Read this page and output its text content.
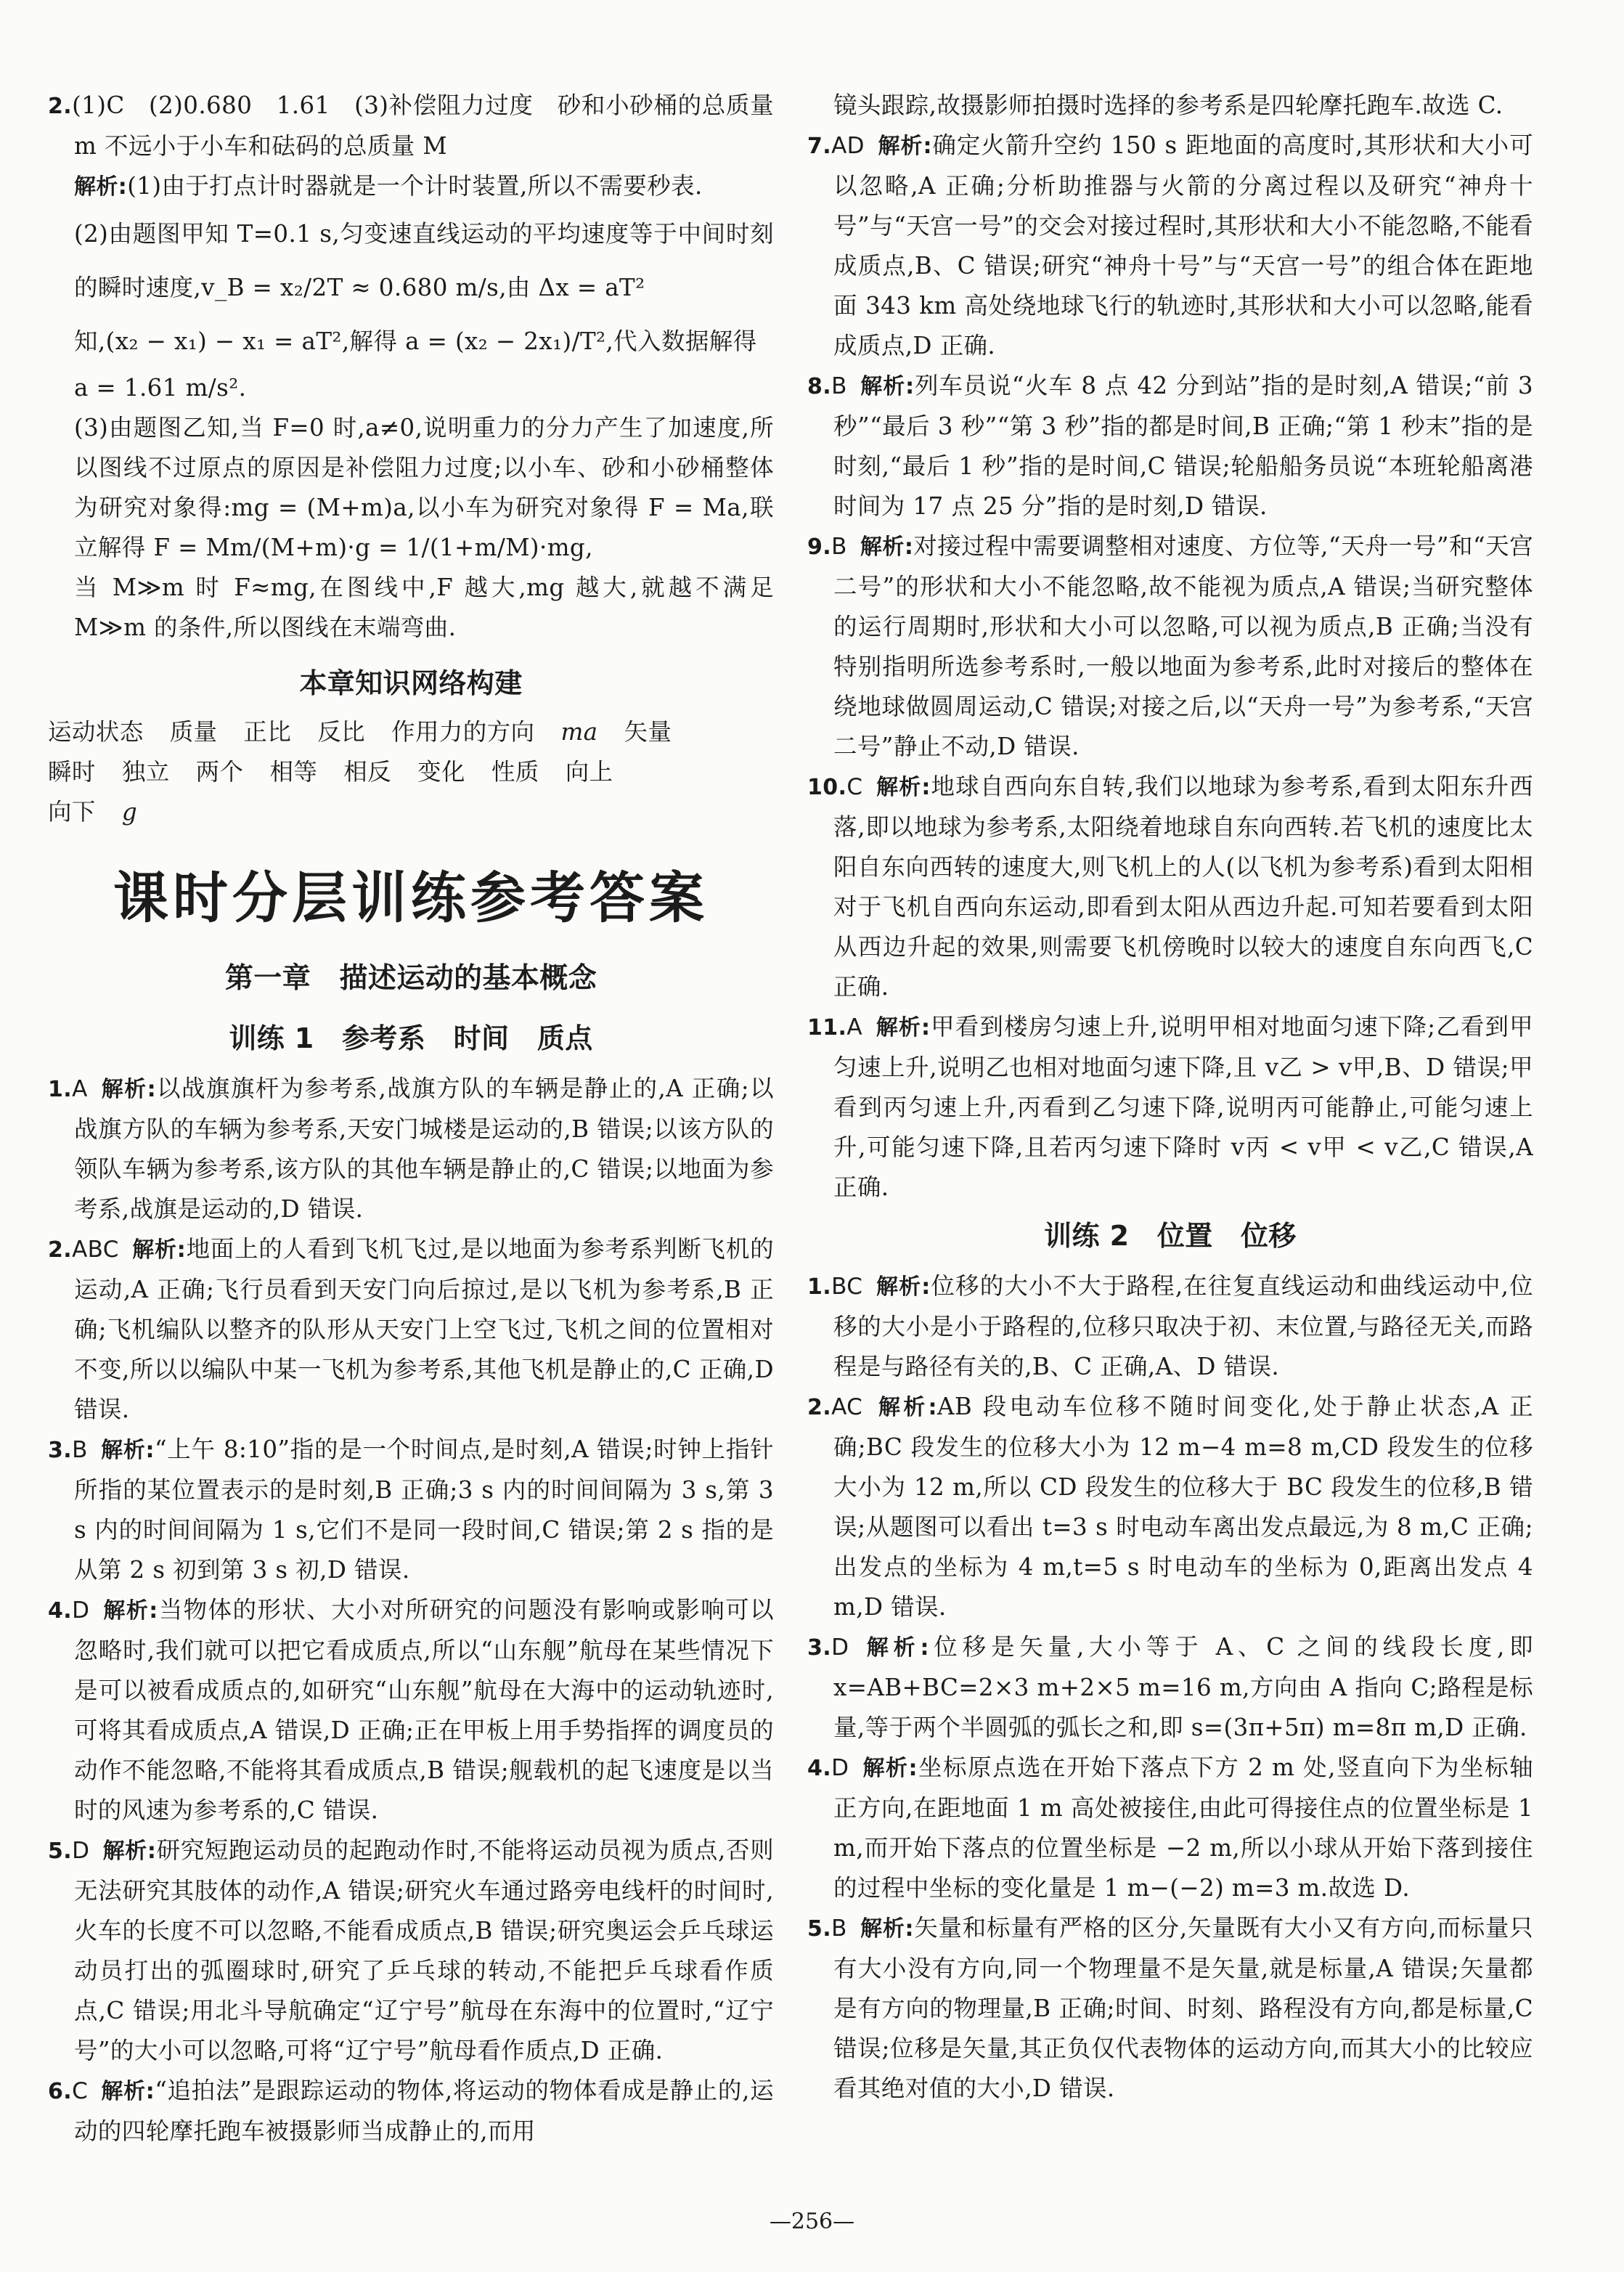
2.(1)C　(2)0.680　1.61　(3)补偿阻力过度　砂和小砂桶的总质量 m 不远小于小车和砝码的总质量 M

解析:(1)由于打点计时器就是一个计时装置,所以不需要秒表.

(2)由题图甲知 T=0.1 s,匀变速直线运动的平均速度等于中间时刻的瞬时速度,v_B = x₂/2T ≈ 0.680 m/s,由 Δx = aT²

知,(x₂ − x₁) − x₁ = aT²,解得 a = (x₂ − 2x₁)/T²,代入数据解得

a = 1.61 m/s².

(3)由题图乙知,当 F=0 时,a≠0,说明重力的分力产生了加速度,所以图线不过原点的原因是补偿阻力过度;以小车、砂和小砂桶整体为研究对象得:mg = (M+m)a,以小车为研究对象得 F = Ma,联立解得 F = Mm/(M+m)·g = 1/(1+m/M)·mg,

当 M≫m 时 F≈mg,在图线中,F 越大,mg 越大,就越不满足 M≫m 的条件,所以图线在末端弯曲.

本章知识网络构建

运动状态 质量 正比 反比 作用力的方向 ma 矢量

瞬时 独立 两个 相等 相反 变化 性质 向上

向下 g

课时分层训练参考答案
第一章　描述运动的基本概念
训练 1　参考系　时间　质点

1.A 解析:以战旗旗杆为参考系,战旗方队的车辆是静止的,A 正确;以战旗方队的车辆为参考系,天安门城楼是运动的,B 错误;以该方队的领队车辆为参考系,该方队的其他车辆是静止的,C 错误;以地面为参考系,战旗是运动的,D 错误.

2.ABC 解析:地面上的人看到飞机飞过,是以地面为参考系判断飞机的运动,A 正确;飞行员看到天安门向后掠过,是以飞机为参考系,B 正确;飞机编队以整齐的队形从天安门上空飞过,飞机之间的位置相对不变,所以以编队中某一飞机为参考系,其他飞机是静止的,C 正确,D 错误.

3.B 解析:“上午 8:10”指的是一个时间点,是时刻,A 错误;时钟上指针所指的某位置表示的是时刻,B 正确;3 s 内的时间间隔为 3 s,第 3 s 内的时间间隔为 1 s,它们不是同一段时间,C 错误;第 2 s 指的是从第 2 s 初到第 3 s 初,D 错误.

4.D 解析:当物体的形状、大小对所研究的问题没有影响或影响可以忽略时,我们就可以把它看成质点,所以“山东舰”航母在某些情况下是可以被看成质点的,如研究“山东舰”航母在大海中的运动轨迹时,可将其看成质点,A 错误,D 正确;正在甲板上用手势指挥的调度员的动作不能忽略,不能将其看成质点,B 错误;舰载机的起飞速度是以当时的风速为参考系的,C 错误.

5.D 解析:研究短跑运动员的起跑动作时,不能将运动员视为质点,否则无法研究其肢体的动作,A 错误;研究火车通过路旁电线杆的时间时,火车的长度不可以忽略,不能看成质点,B 错误;研究奥运会乒乓球运动员打出的弧圈球时,研究了乒乓球的转动,不能把乒乓球看作质点,C 错误;用北斗导航确定“辽宁号”航母在东海中的位置时,“辽宁号”的大小可以忽略,可将“辽宁号”航母看作质点,D 正确.

6.C 解析:“追拍法”是跟踪运动的物体,将运动的物体看成是静止的,运动的四轮摩托跑车被摄影师当成静止的,而用

镜头跟踪,故摄影师拍摄时选择的参考系是四轮摩托跑车.故选 C.

7.AD 解析:确定火箭升空约 150 s 距地面的高度时,其形状和大小可以忽略,A 正确;分析助推器与火箭的分离过程以及研究“神舟十号”与“天宫一号”的交会对接过程时,其形状和大小不能忽略,不能看成质点,B、C 错误;研究“神舟十号”与“天宫一号”的组合体在距地面 343 km 高处绕地球飞行的轨迹时,其形状和大小可以忽略,能看成质点,D 正确.

8.B 解析:列车员说“火车 8 点 42 分到站”指的是时刻,A 错误;“前 3 秒”“最后 3 秒”“第 3 秒”指的都是时间,B 正确;“第 1 秒末”指的是时刻,“最后 1 秒”指的是时间,C 错误;轮船船务员说“本班轮船离港时间为 17 点 25 分”指的是时刻,D 错误.

9.B 解析:对接过程中需要调整相对速度、方位等,“天舟一号”和“天宫二号”的形状和大小不能忽略,故不能视为质点,A 错误;当研究整体的运行周期时,形状和大小可以忽略,可以视为质点,B 正确;当没有特别指明所选参考系时,一般以地面为参考系,此时对接后的整体在绕地球做圆周运动,C 错误;对接之后,以“天舟一号”为参考系,“天宫二号”静止不动,D 错误.

10.C 解析:地球自西向东自转,我们以地球为参考系,看到太阳东升西落,即以地球为参考系,太阳绕着地球自东向西转.若飞机的速度比太阳自东向西转的速度大,则飞机上的人(以飞机为参考系)看到太阳相对于飞机自西向东运动,即看到太阳从西边升起.可知若要看到太阳从西边升起的效果,则需要飞机傍晚时以较大的速度自东向西飞,C 正确.

11.A 解析:甲看到楼房匀速上升,说明甲相对地面匀速下降;乙看到甲匀速上升,说明乙也相对地面匀速下降,且 v乙 > v甲,B、D 错误;甲看到丙匀速上升,丙看到乙匀速下降,说明丙可能静止,可能匀速上升,可能匀速下降,且若丙匀速下降时 v丙 < v甲 < v乙,C 错误,A 正确.

训练 2　位置　位移

1.BC 解析:位移的大小不大于路程,在往复直线运动和曲线运动中,位移的大小是小于路程的,位移只取决于初、末位置,与路径无关,而路程是与路径有关的,B、C 正确,A、D 错误.

2.AC 解析:AB 段电动车位移不随时间变化,处于静止状态,A 正确;BC 段发生的位移大小为 12 m−4 m=8 m,CD 段发生的位移大小为 12 m,所以 CD 段发生的位移大于 BC 段发生的位移,B 错误;从题图可以看出 t=3 s 时电动车离出发点最远,为 8 m,C 正确;出发点的坐标为 4 m,t=5 s 时电动车的坐标为 0,距离出发点 4 m,D 错误.

3.D 解析:位移是矢量,大小等于 A、C 之间的线段长度,即 x=AB+BC=2×3 m+2×5 m=16 m,方向由 A 指向 C;路程是标量,等于两个半圆弧的弧长之和,即 s=(3π+5π) m=8π m,D 正确.

4.D 解析:坐标原点选在开始下落点下方 2 m 处,竖直向下为坐标轴正方向,在距地面 1 m 高处被接住,由此可得接住点的位置坐标是 1 m,而开始下落点的位置坐标是 −2 m,所以小球从开始下落到接住的过程中坐标的变化量是 1 m−(−2) m=3 m.故选 D.

5.B 解析:矢量和标量有严格的区分,矢量既有大小又有方向,而标量只有大小没有方向,同一个物理量不是矢量,就是标量,A 错误;矢量都是有方向的物理量,B 正确;时间、时刻、路程没有方向,都是标量,C 错误;位移是矢量,其正负仅代表物体的运动方向,而其大小的比较应看其绝对值的大小,D 错误.

—256—
